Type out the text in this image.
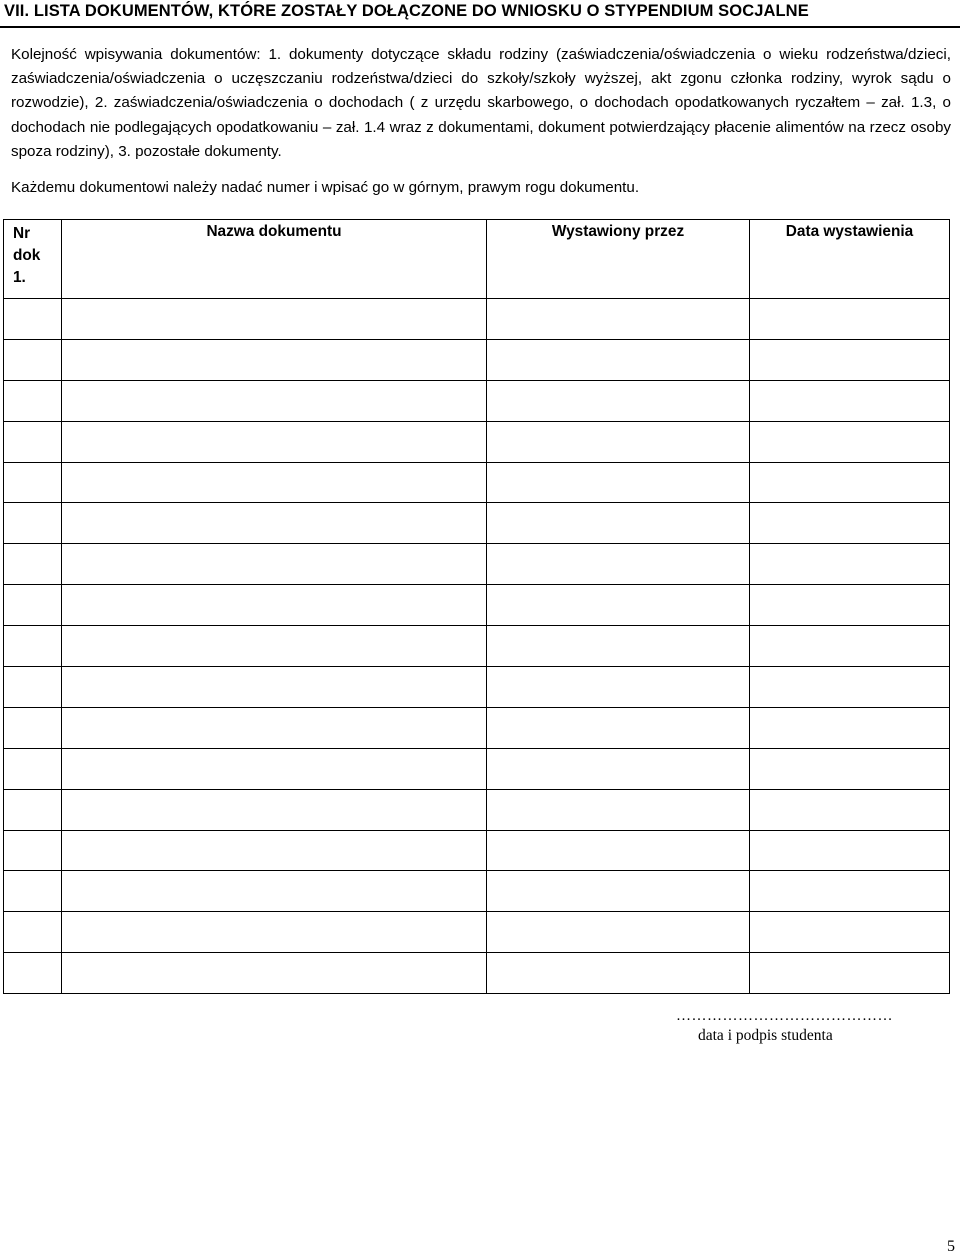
VII. LISTA DOKUMENTÓW, KTÓRE ZOSTAŁY DOŁĄCZONE DO WNIOSKU O STYPENDIUM SOCJALNE
Kolejność wpisywania dokumentów: 1. dokumenty dotyczące składu rodziny (zaświadczenia/oświadczenia o wieku rodzeństwa/dzieci, zaświadczenia/oświadczenia o uczęszczaniu rodzeństwa/dzieci do szkoły/szkoły wyższej, akt zgonu członka rodziny, wyrok sądu o rozwodzie), 2. zaświadczenia/oświadczenia o dochodach ( z urzędu skarbowego, o dochodach opodatkowanych ryczałtem – zał. 1.3, o dochodach nie podlegających opodatkowaniu – zał. 1.4 wraz z dokumentami, dokument potwierdzający płacenie alimentów na rzecz osoby spoza rodziny), 3. pozostałe dokumenty.
Każdemu dokumentowi należy nadać numer i wpisać go w górnym, prawym rogu dokumentu.
Nr
dok
1.	Nazwa dokumentu	Wystawiony przez	Data wystawienia

……………………………………
data i podpis studenta
5
